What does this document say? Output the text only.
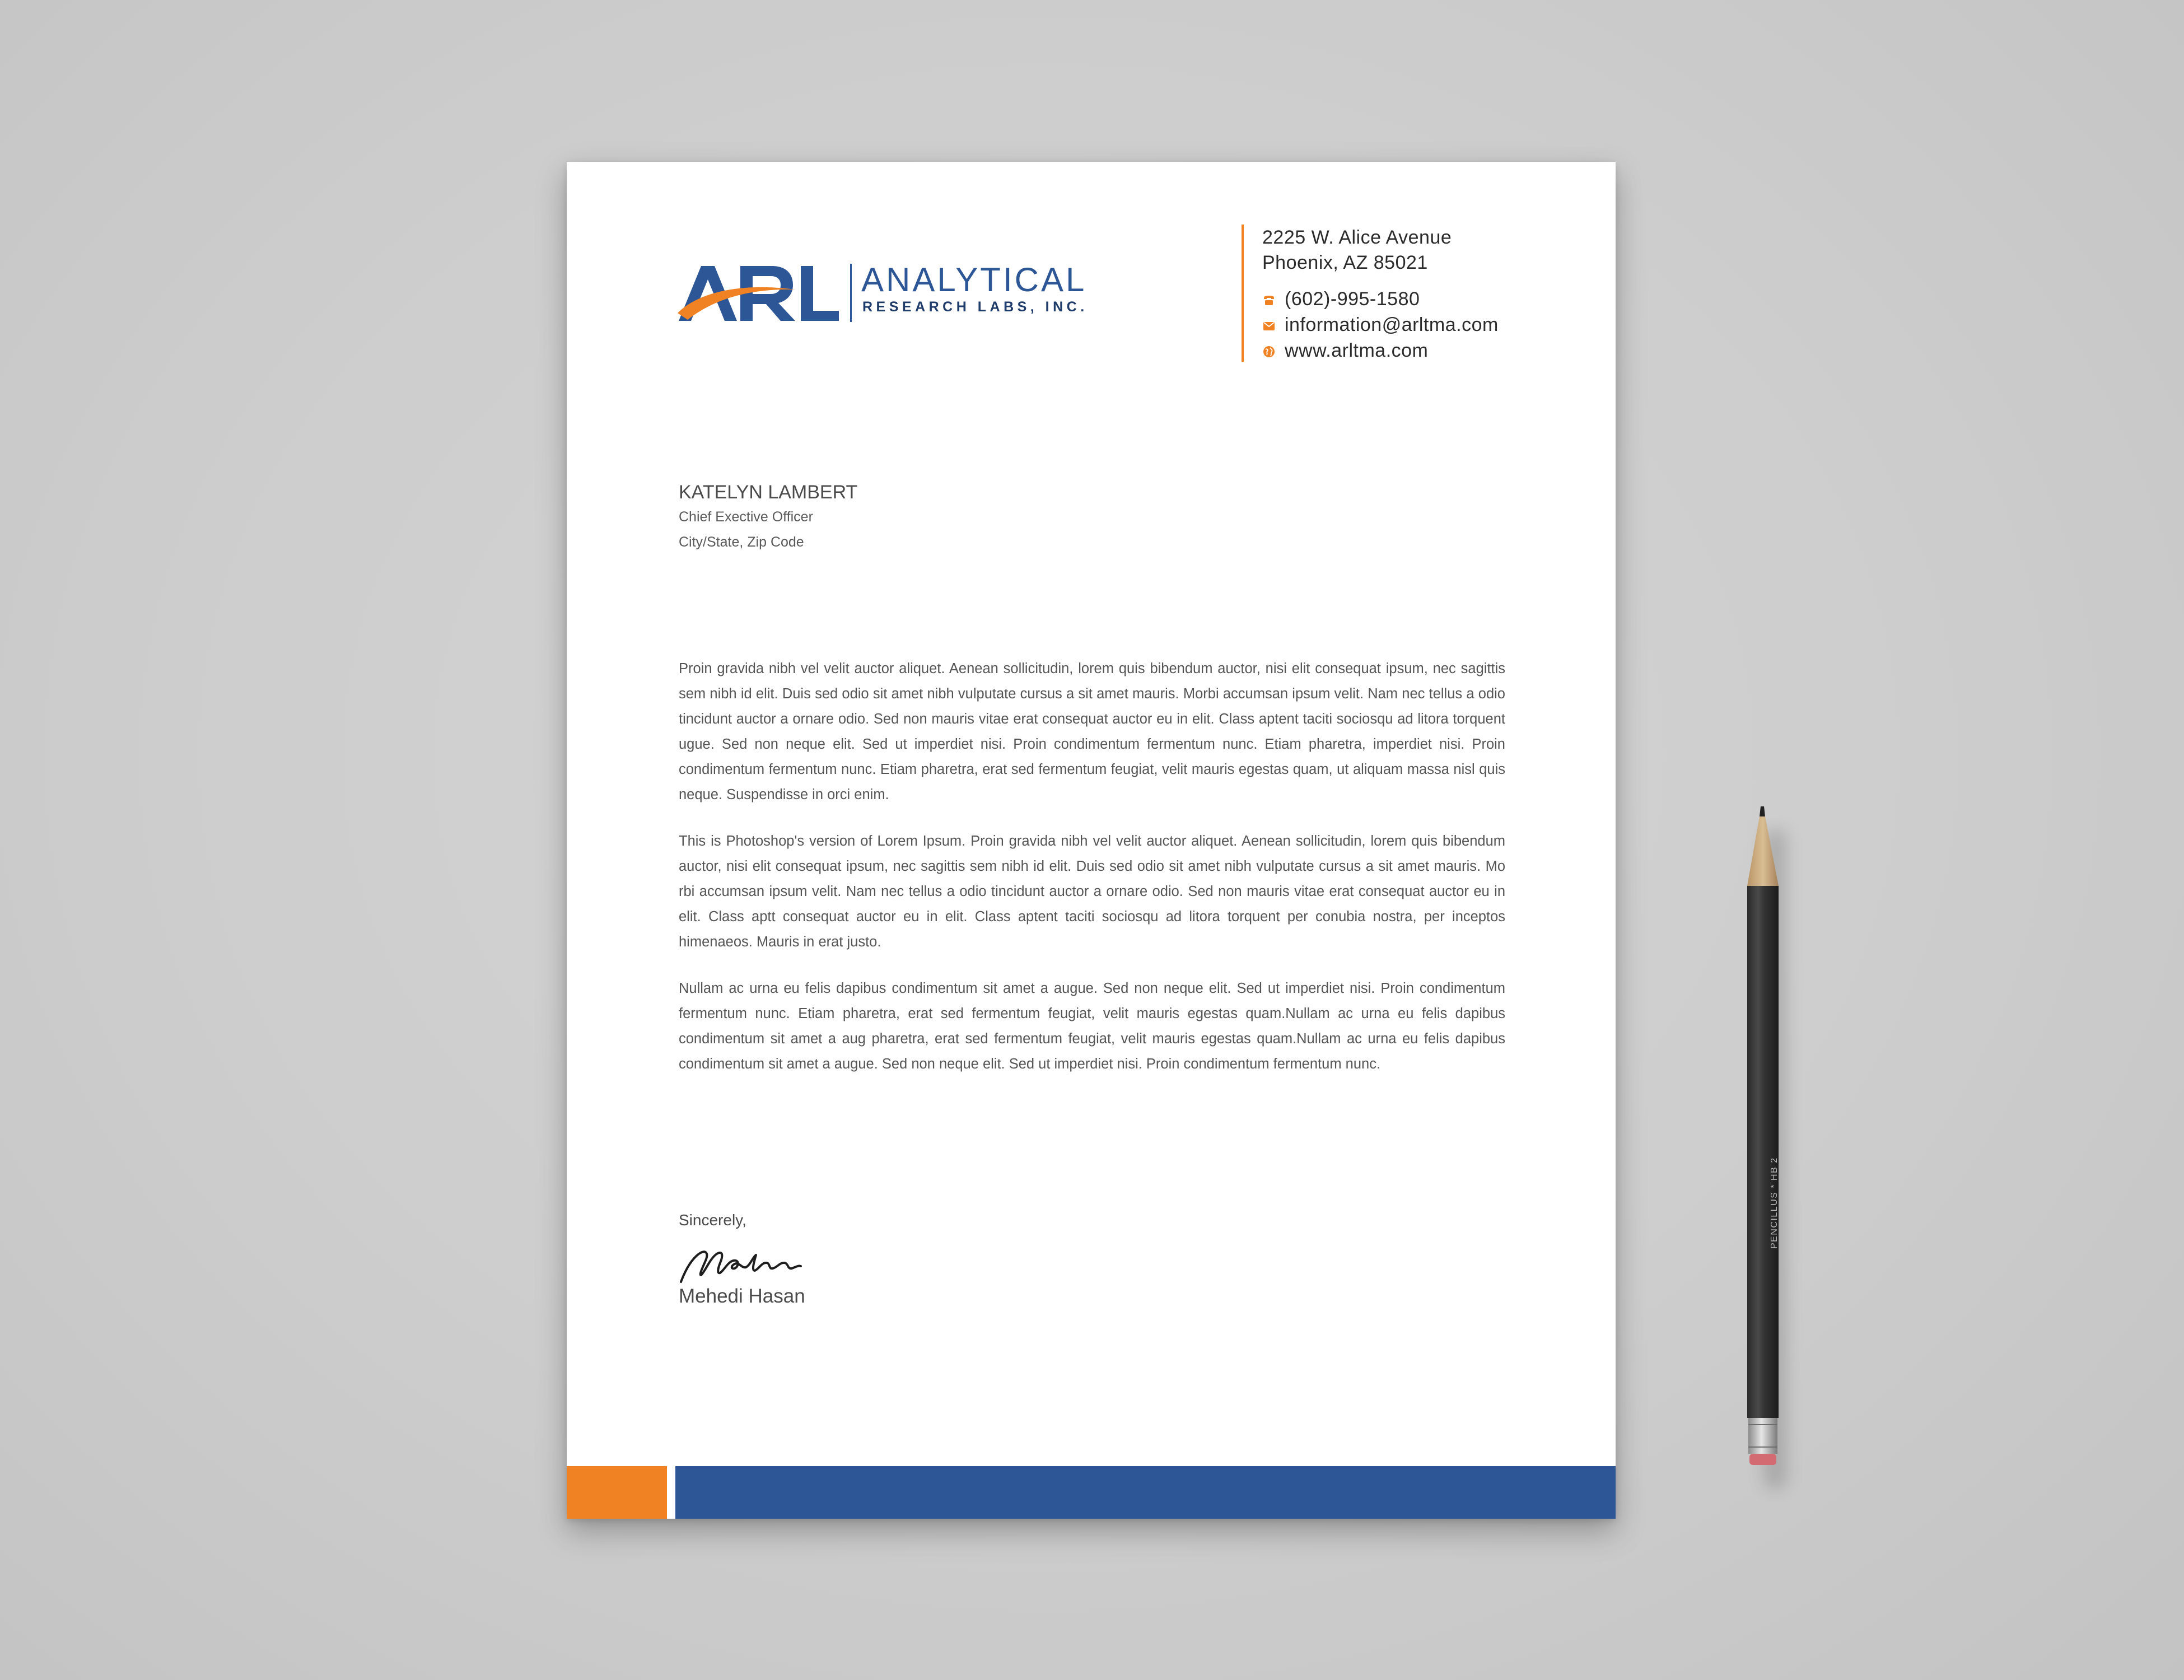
ANALYTICAL
RESEARCH LABS, INC.
2225 W. Alice Avenue
Phoenix, AZ 85021
(602)-995-1580
information@arltma.com
www.arltma.com
KATELYN LAMBERT
Chief Exective Officer
City/State, Zip Code

Proin gravida nibh vel velit auctor aliquet. Aenean sollicitudin, lorem quis bibendum auctor, nisi elit consequat ipsum, nec sagittis sem nibh id elit. Duis sed odio sit amet nibh vulputate cursus a sit amet mauris. Morbi accumsan ipsum velit. Nam nec tellus a odio tincidunt auctor a ornare odio. Sed non mauris vitae erat consequat auctor eu in elit. Class aptent taciti sociosqu ad litora torquent ugue. Sed non neque elit. Sed ut imperdiet nisi. Proin condimentum fermentum nunc. Etiam pharetra, imperdiet nisi. Proin condimentum fermentum nunc. Etiam pharetra, erat sed fermentum feugiat, velit mauris egestas quam, ut aliquam massa nisl quis neque. Suspendisse in orci enim.

This is Photoshop's version of Lorem Ipsum. Proin gravida nibh vel velit auctor aliquet. Aenean sollicitudin, lorem quis bibendum auctor, nisi elit consequat ipsum, nec sagittis sem nibh id elit. Duis sed odio sit amet nibh vulputate cursus a sit amet mauris. Mo rbi accumsan ipsum velit. Nam nec tellus a odio tincidunt auctor a ornare odio. Sed non mauris vitae erat consequat auctor eu in elit. Class aptt consequat auctor eu in elit. Class aptent taciti sociosqu ad litora torquent per conubia nostra, per inceptos himenaeos. Mauris in erat justo.

Nullam ac urna eu felis dapibus condimentum sit amet a augue. Sed non neque elit. Sed ut imperdiet nisi. Proin condimentum fermentum nunc. Etiam pharetra, erat sed fermentum feugiat, velit mauris egestas quam.Nullam ac urna eu felis dapibus condimentum sit amet a aug pharetra, erat sed fermentum feugiat, velit mauris egestas quam.Nullam ac urna eu felis dapibus condimentum sit amet a augue. Sed non neque elit. Sed ut imperdiet nisi. Proin condimentum fermentum nunc.

Sincerely,
Mehedi Hasan
PENCILLUS * HB 2
